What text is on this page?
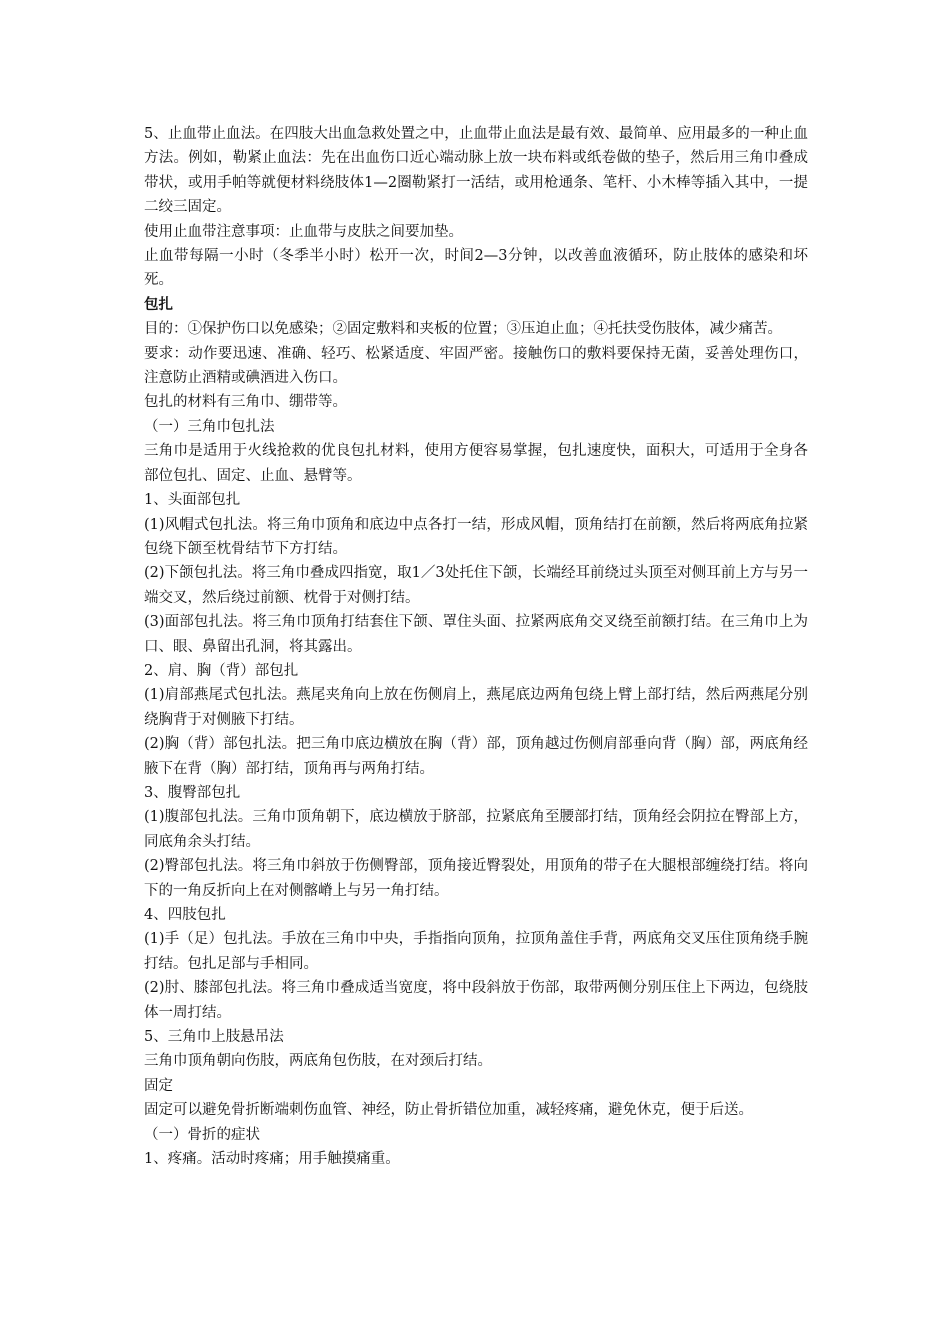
5、止血带止血法。在四肢大出血急救处置之中，止血带止血法是最有效、最简单、应用最多的一种止血方法。例如，勒紧止血法：先在出血伤口近心端动脉上放一块布料或纸卷做的垫子，然后用三角巾叠成带状，或用手帕等就便材料绕肢体1—2圈勒紧打一活结，或用枪通条、笔杆、小木棒等插入其中，一提二绞三固定。

使用止血带注意事项：止血带与皮肤之间要加垫。

止血带每隔一小时（冬季半小时）松开一次，时间2—3分钟，以改善血液循环，防止肢体的感染和坏死。

包扎

目的：①保护伤口以免感染；②固定敷料和夹板的位置；③压迫止血；④托扶受伤肢体，减少痛苦。

要求：动作要迅速、准确、轻巧、松紧适度、牢固严密。接触伤口的敷料要保持无菌，妥善处理伤口，注意防止酒精或碘酒进入伤口。

包扎的材料有三角巾、绷带等。

（一）三角巾包扎法

三角巾是适用于火线抢救的优良包扎材料，使用方便容易掌握，包扎速度快，面积大，可适用于全身各部位包扎、固定、止血、悬臂等。

1、头面部包扎

(1)风帽式包扎法。将三角巾顶角和底边中点各打一结，形成风帽，顶角结打在前额，然后将两底角拉紧包绕下颌至枕骨结节下方打结。

(2)下颌包扎法。将三角巾叠成四指宽，取1／3处托住下颌，长端经耳前绕过头顶至对侧耳前上方与另一端交叉，然后绕过前额、枕骨于对侧打结。

(3)面部包扎法。将三角巾顶角打结套住下颌、罩住头面、拉紧两底角交叉绕至前额打结。在三角巾上为口、眼、鼻留出孔洞，将其露出。

2、肩、胸（背）部包扎

(1)肩部燕尾式包扎法。燕尾夹角向上放在伤侧肩上，燕尾底边两角包绕上臂上部打结，然后两燕尾分别绕胸背于对侧腋下打结。

(2)胸（背）部包扎法。把三角巾底边横放在胸（背）部，顶角越过伤侧肩部垂向背（胸）部，两底角经腋下在背（胸）部打结，顶角再与两角打结。

3、腹臀部包扎

(1)腹部包扎法。三角巾顶角朝下，底边横放于脐部，拉紧底角至腰部打结，顶角经会阴拉在臀部上方，同底角余头打结。

(2)臀部包扎法。将三角巾斜放于伤侧臀部，顶角接近臀裂处，用顶角的带子在大腿根部缠绕打结。将向下的一角反折向上在对侧髂嵴上与另一角打结。

4、四肢包扎

(1)手（足）包扎法。手放在三角巾中央，手指指向顶角，拉顶角盖住手背，两底角交叉压住顶角绕手腕打结。包扎足部与手相同。

(2)肘、膝部包扎法。将三角巾叠成适当宽度，将中段斜放于伤部，取带两侧分别压住上下两边，包绕肢体一周打结。

5、三角巾上肢悬吊法

三角巾顶角朝向伤肢，两底角包伤肢，在对颈后打结。

固定

固定可以避免骨折断端刺伤血管、神经，防止骨折错位加重，减轻疼痛，避免休克，便于后送。

（一）骨折的症状

1、疼痛。活动时疼痛；用手触摸痛重。
